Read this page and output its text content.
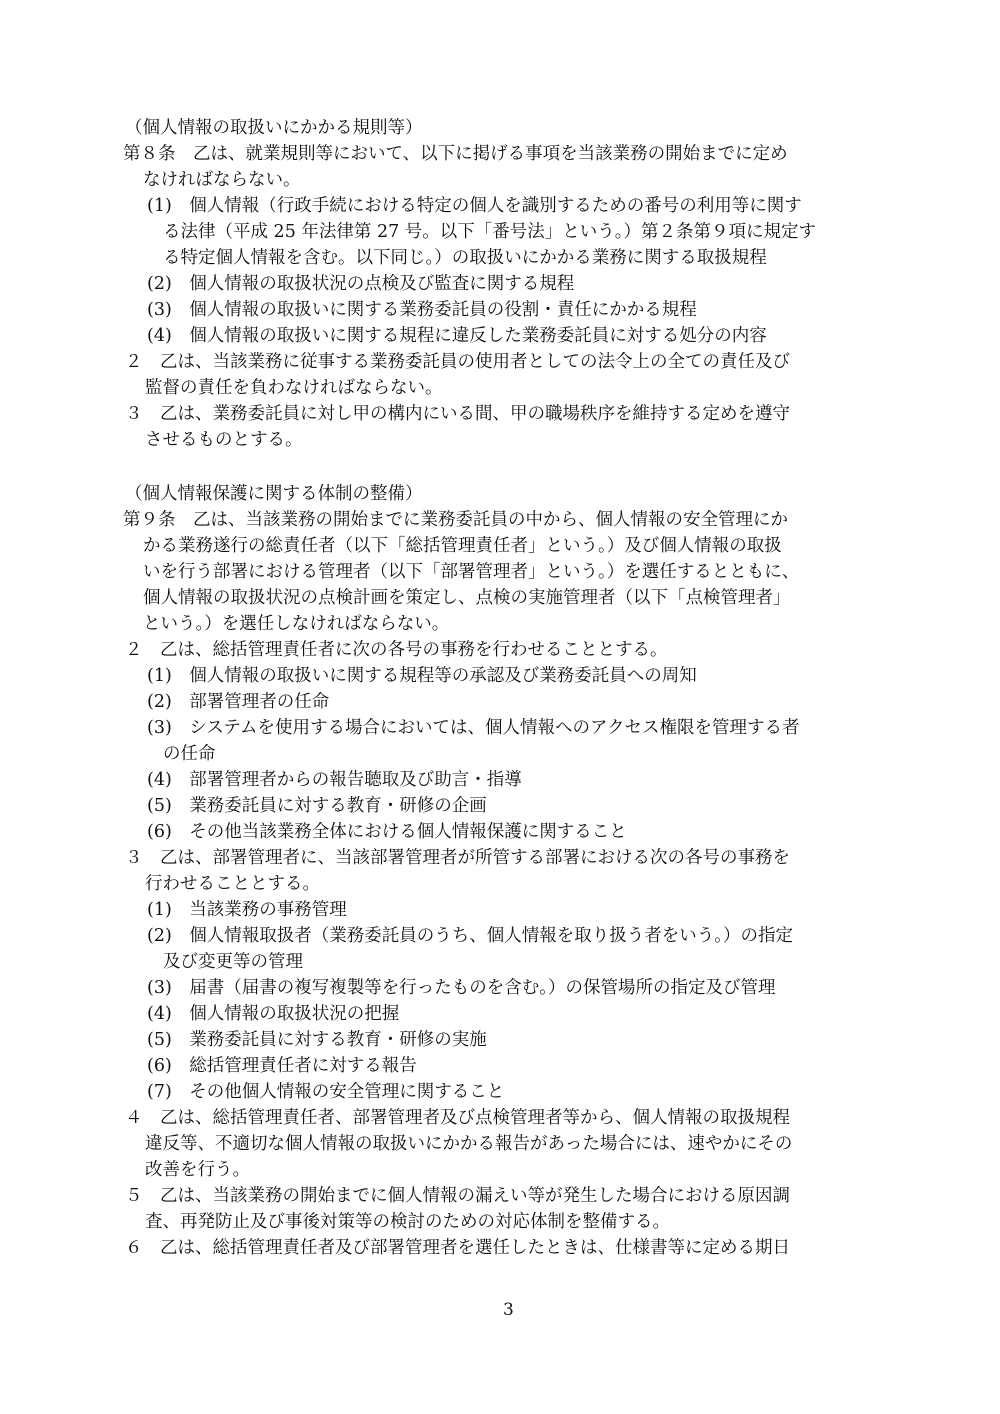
（個人情報の取扱いにかかる規則等）
第８条　乙は、就業規則等において、以下に掲げる事項を当該業務の開始までに定め
なければならない。
(1)　個人情報（行政手続における特定の個人を識別するための番号の利用等に関す
る法律（平成 25 年法律第 27 号。以下「番号法」という。）第２条第９項に規定す
る特定個人情報を含む。以下同じ。）の取扱いにかかる業務に関する取扱規程
(2)　個人情報の取扱状況の点検及び監査に関する規程
(3)　個人情報の取扱いに関する業務委託員の役割・責任にかかる規程
(4)　個人情報の取扱いに関する規程に違反した業務委託員に対する処分の内容
２　乙は、当該業務に従事する業務委託員の使用者としての法令上の全ての責任及び
監督の責任を負わなければならない。
３　乙は、業務委託員に対し甲の構内にいる間、甲の職場秩序を維持する定めを遵守
させるものとする。
（個人情報保護に関する体制の整備）
第９条　乙は、当該業務の開始までに業務委託員の中から、個人情報の安全管理にか
かる業務遂行の総責任者（以下「総括管理責任者」という。）及び個人情報の取扱
いを行う部署における管理者（以下「部署管理者」という。）を選任するとともに、
個人情報の取扱状況の点検計画を策定し、点検の実施管理者（以下「点検管理者」
という。）を選任しなければならない。
２　乙は、総括管理責任者に次の各号の事務を行わせることとする。
(1)　個人情報の取扱いに関する規程等の承認及び業務委託員への周知
(2)　部署管理者の任命
(3)　システムを使用する場合においては、個人情報へのアクセス権限を管理する者
の任命
(4)　部署管理者からの報告聴取及び助言・指導
(5)　業務委託員に対する教育・研修の企画
(6)　その他当該業務全体における個人情報保護に関すること
３　乙は、部署管理者に、当該部署管理者が所管する部署における次の各号の事務を
行わせることとする。
(1)　当該業務の事務管理
(2)　個人情報取扱者（業務委託員のうち、個人情報を取り扱う者をいう。）の指定
及び変更等の管理
(3)　届書（届書の複写複製等を行ったものを含む。）の保管場所の指定及び管理
(4)　個人情報の取扱状況の把握
(5)　業務委託員に対する教育・研修の実施
(6)　総括管理責任者に対する報告
(7)　その他個人情報の安全管理に関すること
４　乙は、総括管理責任者、部署管理者及び点検管理者等から、個人情報の取扱規程
違反等、不適切な個人情報の取扱いにかかる報告があった場合には、速やかにその
改善を行う。
５　乙は、当該業務の開始までに個人情報の漏えい等が発生した場合における原因調
査、再発防止及び事後対策等の検討のための対応体制を整備する。
６　乙は、総括管理責任者及び部署管理者を選任したときは、仕様書等に定める期日
3
